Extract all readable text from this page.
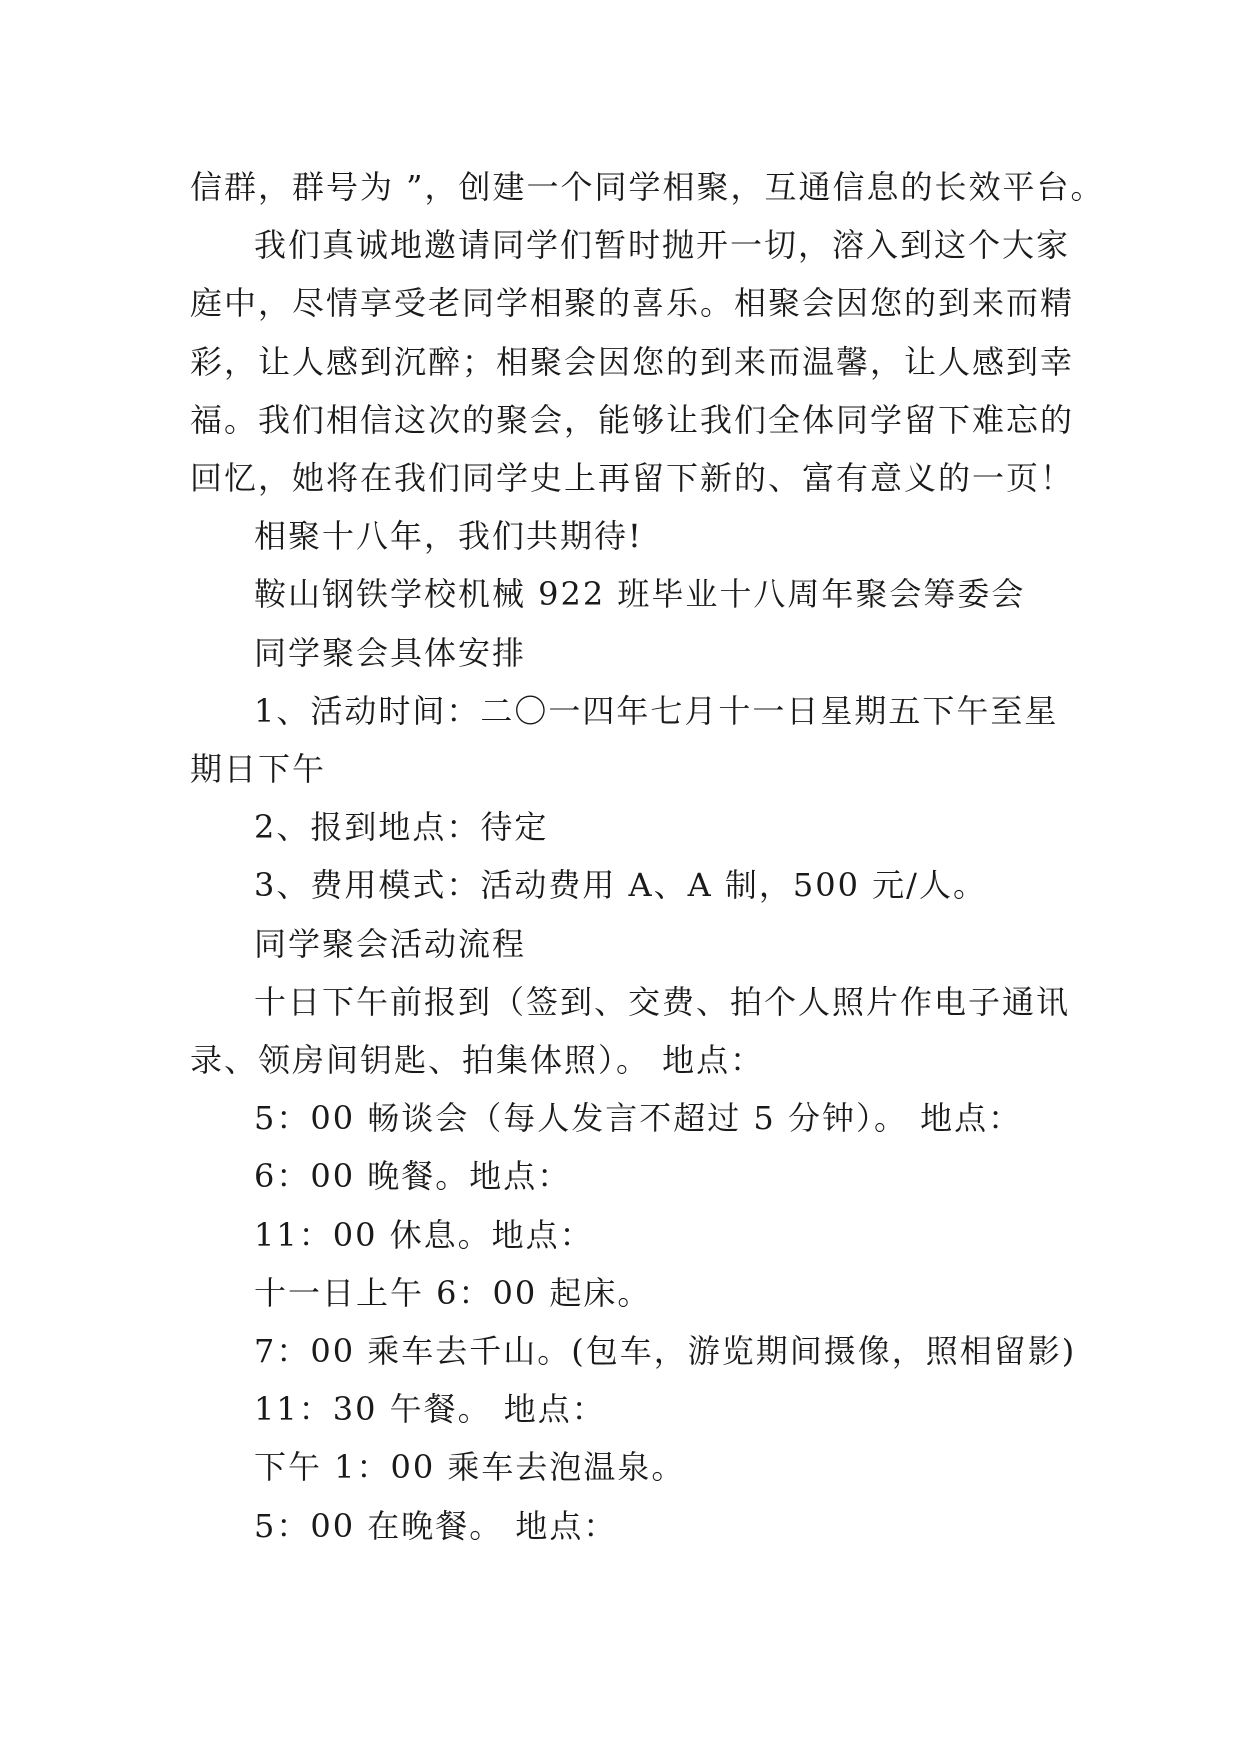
信群，群号为 ”，创建一个同学相聚，互通信息的长效平台。

我们真诚地邀请同学们暂时抛开一切，溶入到这个大家

庭中，尽情享受老同学相聚的喜乐。相聚会因您的到来而精

彩，让人感到沉醉；相聚会因您的到来而温馨，让人感到幸

福。我们相信这次的聚会，能够让我们全体同学留下难忘的

回忆，她将在我们同学史上再留下新的、富有意义的一页！

相聚十八年，我们共期待!

鞍山钢铁学校机械 922 班毕业十八周年聚会筹委会

同学聚会具体安排

1、活动时间：二〇一四年七月十一日星期五下午至星

期日下午

2、报到地点：待定

3、费用模式：活动费用 A、A 制，500 元/人。

同学聚会活动流程

十日下午前报到（签到、交费、拍个人照片作电子通讯

录、领房间钥匙、拍集体照）。 地点：

5：00 畅谈会（每人发言不超过 5 分钟）。 地点：

6：00 晚餐。地点：

11：00 休息。地点：

十一日上午 6：00 起床。

7：00 乘车去千山。(包车，游览期间摄像，照相留影)

11：30 午餐。 地点：

下午 1：00 乘车去泡温泉。

5：00 在晚餐。 地点：
